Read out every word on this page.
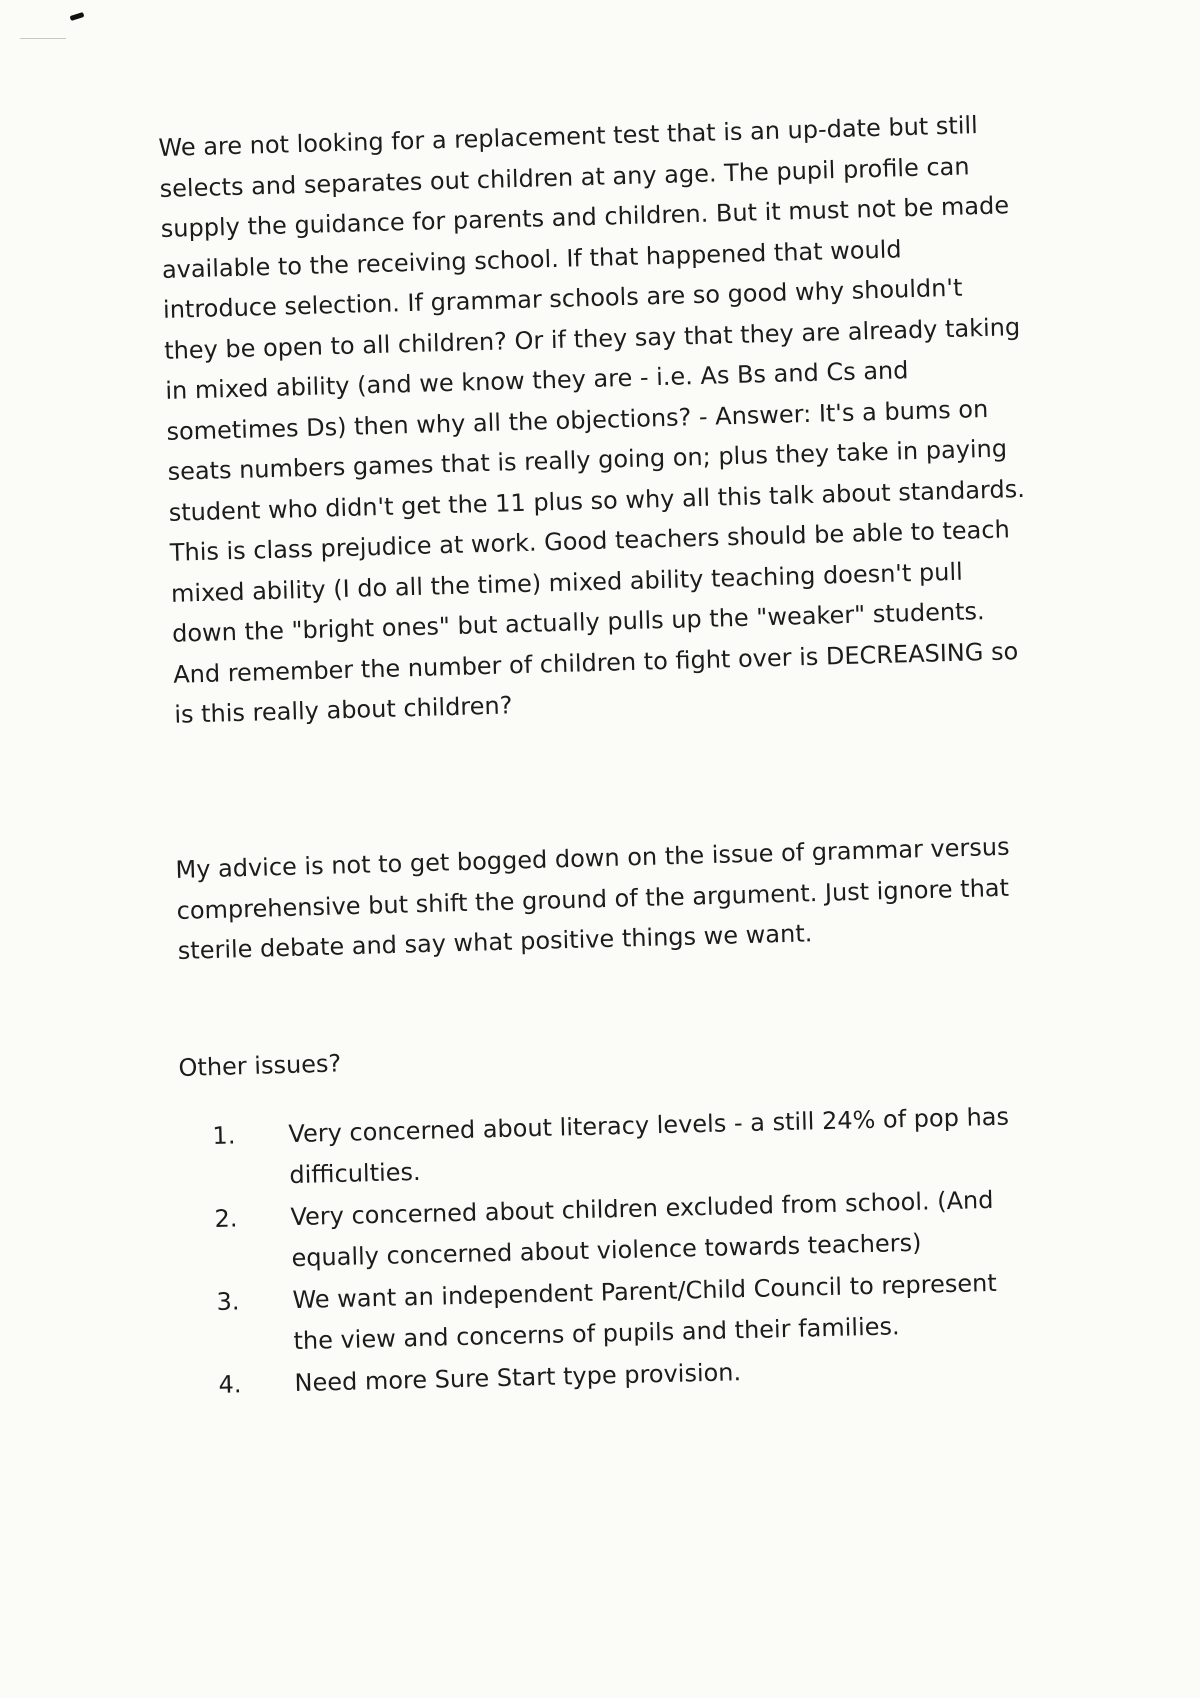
We are not looking for a replacement test that is an up-date but still selects and separates out children at any age. The pupil profile can supply the guidance for parents and children. But it must not be made available to the receiving school. If that happened that would introduce selection. If grammar schools are so good why shouldn't they be open to all children? Or if they say that they are already taking in mixed ability (and we know they are - i.e. As Bs and Cs and sometimes Ds) then why all the objections? - Answer: It's a bums on seats numbers games that is really going on; plus they take in paying student who didn't get the 11 plus so why all this talk about standards. This is class prejudice at work. Good teachers should be able to teach mixed ability (I do all the time) mixed ability teaching doesn't pull down the "bright ones" but actually pulls up the "weaker" students. And remember the number of children to fight over is DECREASING so is this really about children?

My advice is not to get bogged down on the issue of grammar versus comprehensive but shift the ground of the argument. Just ignore that sterile debate and say what positive things we want.

Other issues?

1.	Very concerned about literacy levels - a still 24% of pop has difficulties.
2.	Very concerned about children excluded from school. (And equally concerned about violence towards teachers)
3.	We want an independent Parent/Child Council to represent the view and concerns of pupils and their families.
4.	Need more Sure Start type provision.
